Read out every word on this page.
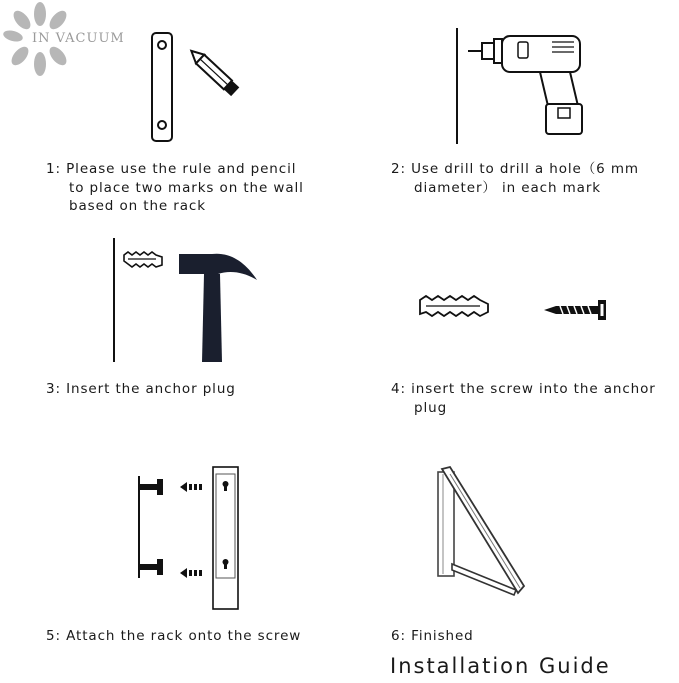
IN VACUUM

1: Please use the rule and pencil
to place two marks on the wall
based on the rack

2: Use drill to drill a hole（6 mm
diameter） in each mark

3: Insert the anchor plug	4: insert the screw into the anchor
plug

5: Attach the rack onto the screw	6: Finished

Installation Guide
